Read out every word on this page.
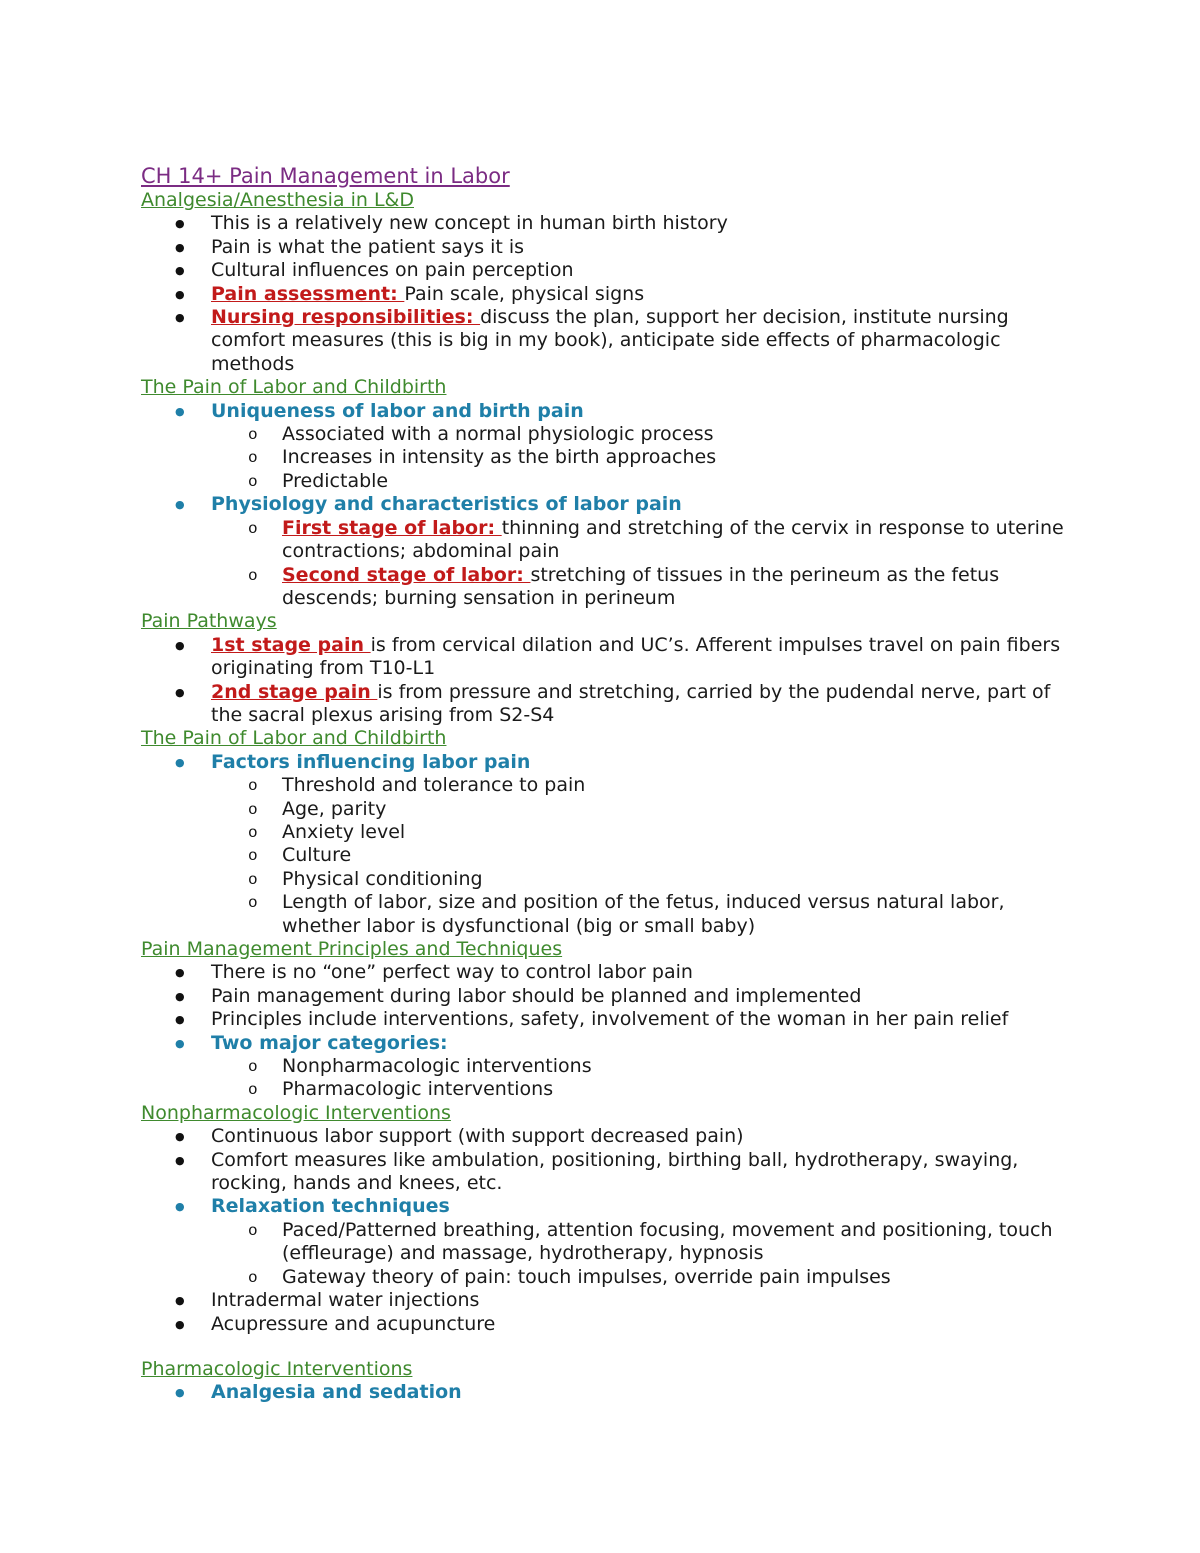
CH 14+ Pain Management in Labor
Analgesia/Anesthesia in L&D
● This is a relatively new concept in human birth history
● Pain is what the patient says it is
● Cultural influences on pain perception
● Pain assessment: Pain scale, physical signs
● Nursing responsibilities: discuss the plan, support her decision, institute nursing comfort measures (this is big in my book), anticipate side effects of pharmacologic methods
The Pain of Labor and Childbirth
● Uniqueness of labor and birth pain
o Associated with a normal physiologic process
o Increases in intensity as the birth approaches
o Predictable
● Physiology and characteristics of labor pain
o First stage of labor: thinning and stretching of the cervix in response to uterine contractions; abdominal pain
o Second stage of labor: stretching of tissues in the perineum as the fetus descends; burning sensation in perineum
Pain Pathways
● 1st stage pain is from cervical dilation and UC’s. Afferent impulses travel on pain fibers originating from T10-L1
● 2nd stage pain is from pressure and stretching, carried by the pudendal nerve, part of the sacral plexus arising from S2-S4
The Pain of Labor and Childbirth
● Factors influencing labor pain
o Threshold and tolerance to pain
o Age, parity
o Anxiety level
o Culture
o Physical conditioning
o Length of labor, size and position of the fetus, induced versus natural labor, whether labor is dysfunctional (big or small baby)
Pain Management Principles and Techniques
● There is no “one” perfect way to control labor pain
● Pain management during labor should be planned and implemented
● Principles include interventions, safety, involvement of the woman in her pain relief
● Two major categories:
o Nonpharmacologic interventions
o Pharmacologic interventions
Nonpharmacologic Interventions
● Continuous labor support (with support decreased pain)
● Comfort measures like ambulation, positioning, birthing ball, hydrotherapy, swaying, rocking, hands and knees, etc.
● Relaxation techniques
o Paced/Patterned breathing, attention focusing, movement and positioning, touch (effleurage) and massage, hydrotherapy, hypnosis
o Gateway theory of pain: touch impulses, override pain impulses
● Intradermal water injections
● Acupressure and acupuncture
Pharmacologic Interventions
● Analgesia and sedation
